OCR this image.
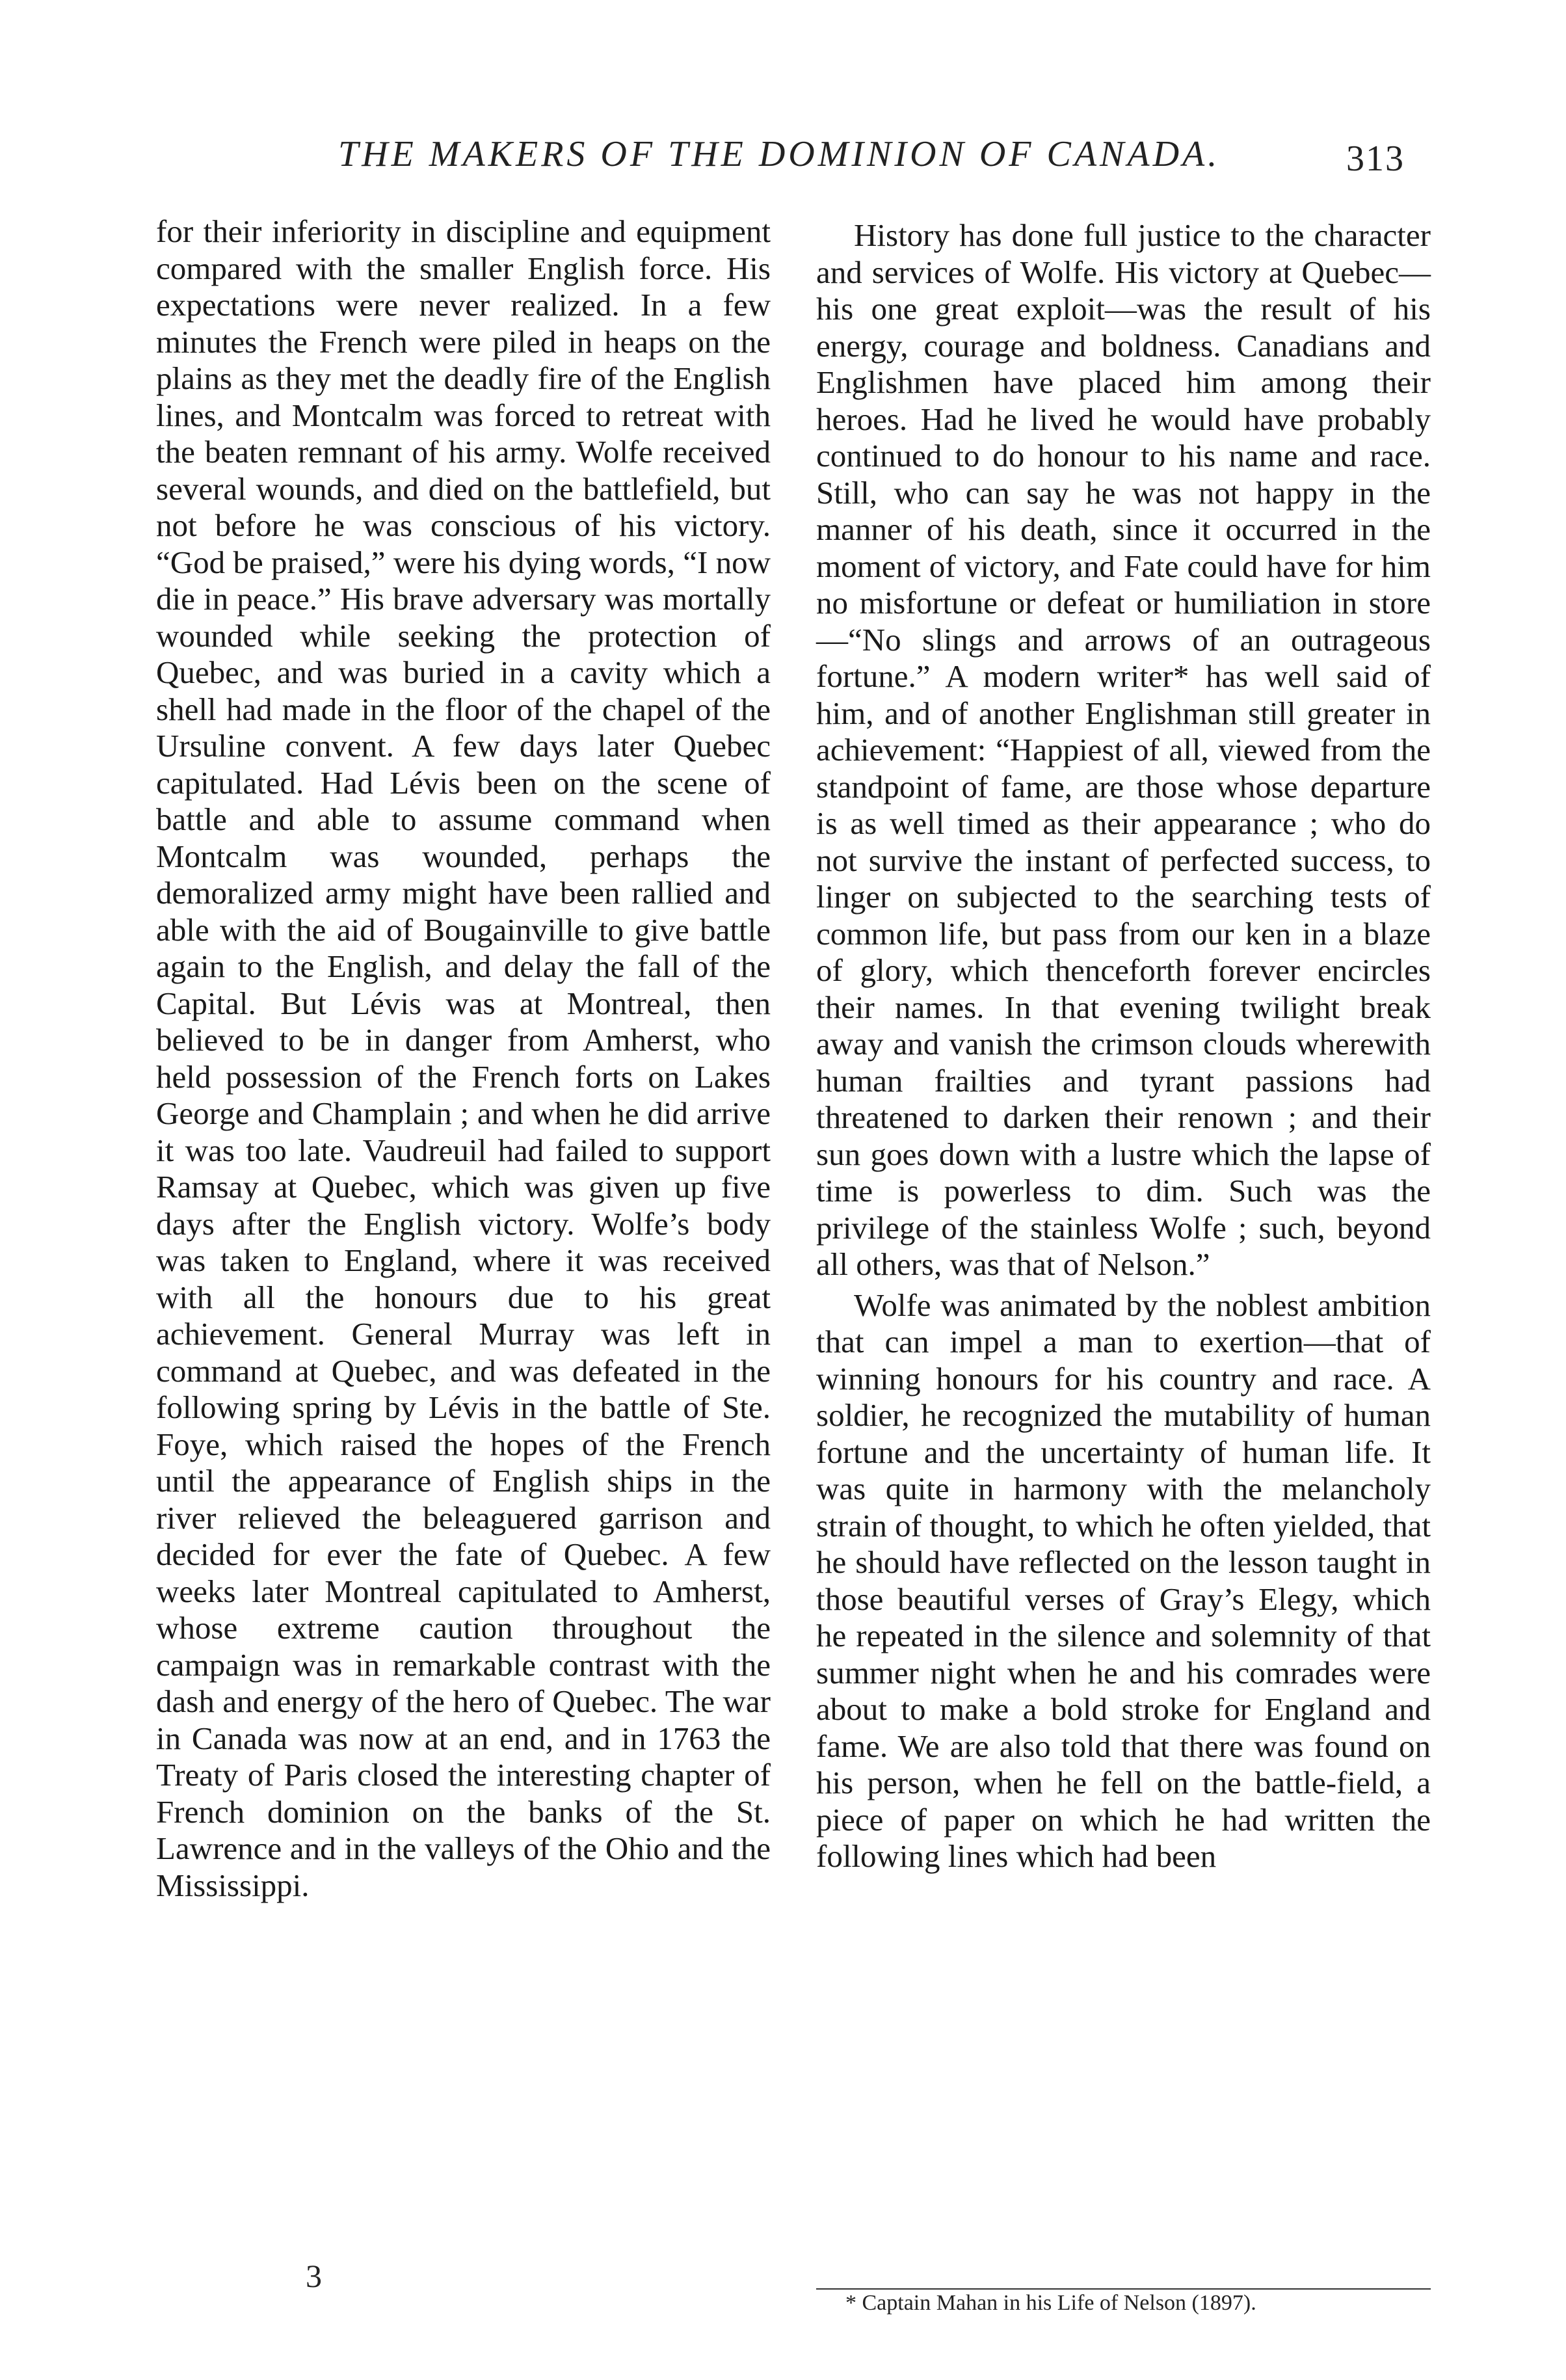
THE MAKERS OF THE DOMINION OF CANADA.	313

for their inferiority in discipline and equipment compared with the smaller English force. His expectations were never realized. In a few minutes the French were piled in heaps on the plains as they met the deadly fire of the English lines, and Montcalm was forced to retreat with the beaten remnant of his army. Wolfe received several wounds, and died on the battlefield, but not before he was conscious of his victory. “God be praised,” were his dying words, “I now die in peace.” His brave adversary was mortally wounded while seeking the protection of Quebec, and was buried in a cavity which a shell had made in the floor of the chapel of the Ursuline convent. A few days later Quebec capitulated. Had Lévis been on the scene of battle and able to assume command when Montcalm was wounded, perhaps the demoralized army might have been rallied and able with the aid of Bougainville to give battle again to the English, and delay the fall of the Capital. But Lévis was at Montreal, then believed to be in danger from Amherst, who held possession of the French forts on Lakes George and Champlain ; and when he did arrive it was too late. Vaudreuil had failed to support Ramsay at Quebec, which was given up five days after the English victory. Wolfe’s body was taken to England, where it was received with all the honours due to his great achievement. General Murray was left in command at Quebec, and was defeated in the following spring by Lévis in the battle of Ste. Foye, which raised the hopes of the French until the appearance of English ships in the river relieved the beleaguered garrison and decided for ever the fate of Quebec. A few weeks later Montreal capitulated to Amherst, whose extreme caution throughout the campaign was in remarkable contrast with the dash and energy of the hero of Quebec. The war in Canada was now at an end, and in 1763 the Treaty of Paris closed the interesting chapter of French dominion on the banks of the St. Lawrence and in the valleys of the Ohio and the Mississippi.

History has done full justice to the character and services of Wolfe. His victory at Quebec—his one great exploit—was the result of his energy, courage and boldness. Canadians and Englishmen have placed him among their heroes. Had he lived he would have probably continued to do honour to his name and race. Still, who can say he was not happy in the manner of his death, since it occurred in the moment of victory, and Fate could have for him no misfortune or defeat or humiliation in store—“No slings and arrows of an outrageous fortune.” A modern writer* has well said of him, and of another Englishman still greater in achievement: “Happiest of all, viewed from the standpoint of fame, are those whose departure is as well timed as their appearance ; who do not survive the instant of perfected success, to linger on subjected to the searching tests of common life, but pass from our ken in a blaze of glory, which thenceforth forever encircles their names. In that evening twilight break away and vanish the crimson clouds wherewith human frailties and tyrant passions had threatened to darken their renown ; and their sun goes down with a lustre which the lapse of time is powerless to dim. Such was the privilege of the stainless Wolfe ; such, beyond all others, was that of Nelson.”

Wolfe was animated by the noblest ambition that can impel a man to exertion—that of winning honours for his country and race. A soldier, he recognized the mutability of human fortune and the uncertainty of human life. It was quite in harmony with the melancholy strain of thought, to which he often yielded, that he should have reflected on the lesson taught in those beautiful verses of Gray’s Elegy, which he repeated in the silence and solemnity of that summer night when he and his comrades were about to make a bold stroke for England and fame. We are also told that there was found on his person, when he fell on the battle-field, a piece of paper on which he had written the following lines which had been

3
* Captain Mahan in his Life of Nelson (1897).
